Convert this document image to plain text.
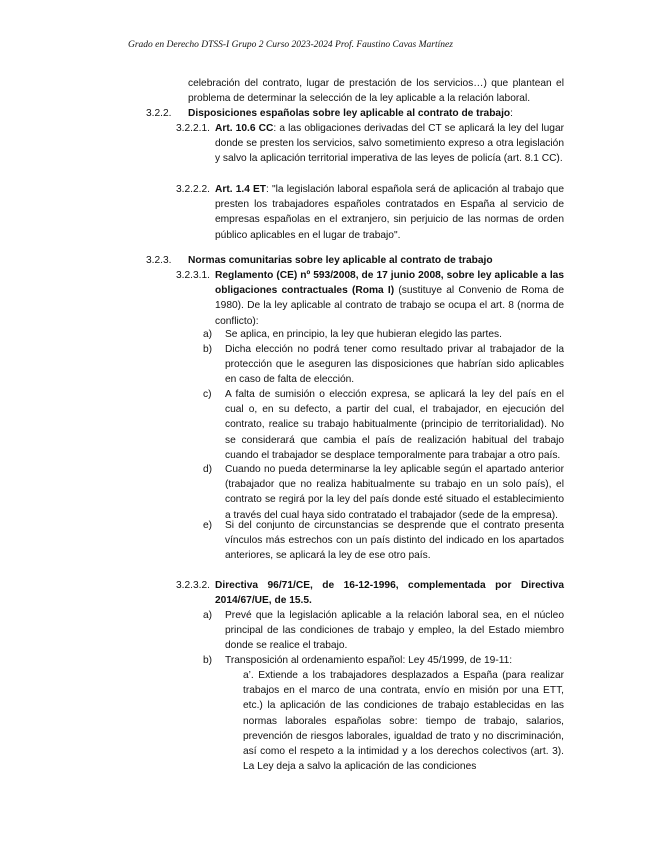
Grado en Derecho DTSS-I Grupo 2 Curso 2023-2024 Prof. Faustino Cavas Martínez
celebración del contrato, lugar de prestación de los servicios…) que plantean el problema de determinar la selección de la ley aplicable a la relación laboral.
3.2.2. Disposiciones españolas sobre ley aplicable al contrato de trabajo:
3.2.2.1. Art. 10.6 CC: a las obligaciones derivadas del CT se aplicará la ley del lugar donde se presten los servicios, salvo sometimiento expreso a otra legislación y salvo la aplicación territorial imperativa de las leyes de policía (art. 8.1 CC).
3.2.2.2. Art. 1.4 ET: "la legislación laboral española será de aplicación al trabajo que presten los trabajadores españoles contratados en España al servicio de empresas españolas en el extranjero, sin perjuicio de las normas de orden público aplicables en el lugar de trabajo".
3.2.3. Normas comunitarias sobre ley aplicable al contrato de trabajo
3.2.3.1. Reglamento (CE) nº 593/2008, de 17 junio 2008, sobre ley aplicable a las obligaciones contractuales (Roma I) (sustituye al Convenio de Roma de 1980). De la ley aplicable al contrato de trabajo se ocupa el art. 8 (norma de conflicto):
a) Se aplica, en principio, la ley que hubieran elegido las partes.
b) Dicha elección no podrá tener como resultado privar al trabajador de la protección que le aseguren las disposiciones que habrían sido aplicables en caso de falta de elección.
c) A falta de sumisión o elección expresa, se aplicará la ley del país en el cual o, en su defecto, a partir del cual, el trabajador, en ejecución del contrato, realice su trabajo habitualmente (principio de territorialidad). No se considerará que cambia el país de realización habitual del trabajo cuando el trabajador se desplace temporalmente para trabajar a otro país.
d) Cuando no pueda determinarse la ley aplicable según el apartado anterior (trabajador que no realiza habitualmente su trabajo en un solo país), el contrato se regirá por la ley del país donde esté situado el establecimiento a través del cual haya sido contratado el trabajador (sede de la empresa).
e) Si del conjunto de circunstancias se desprende que el contrato presenta vínculos más estrechos con un país distinto del indicado en los apartados anteriores, se aplicará la ley de ese otro país.
3.2.3.2. Directiva 96/71/CE, de 16-12-1996, complementada por Directiva 2014/67/UE, de 15.5.
a) Prevé que la legislación aplicable a la relación laboral sea, en el núcleo principal de las condiciones de trabajo y empleo, la del Estado miembro donde se realice el trabajo.
b) Transposición al ordenamiento español: Ley 45/1999, de 19-11:
a’. Extiende a los trabajadores desplazados a España (para realizar trabajos en el marco de una contrata, envío en misión por una ETT, etc.) la aplicación de las condiciones de trabajo establecidas en las normas laborales españolas sobre: tiempo de trabajo, salarios, prevención de riesgos laborales, igualdad de trato y no discriminación, así como el respeto a la intimidad y a los derechos colectivos (art. 3). La Ley deja a salvo la aplicación de las condiciones
